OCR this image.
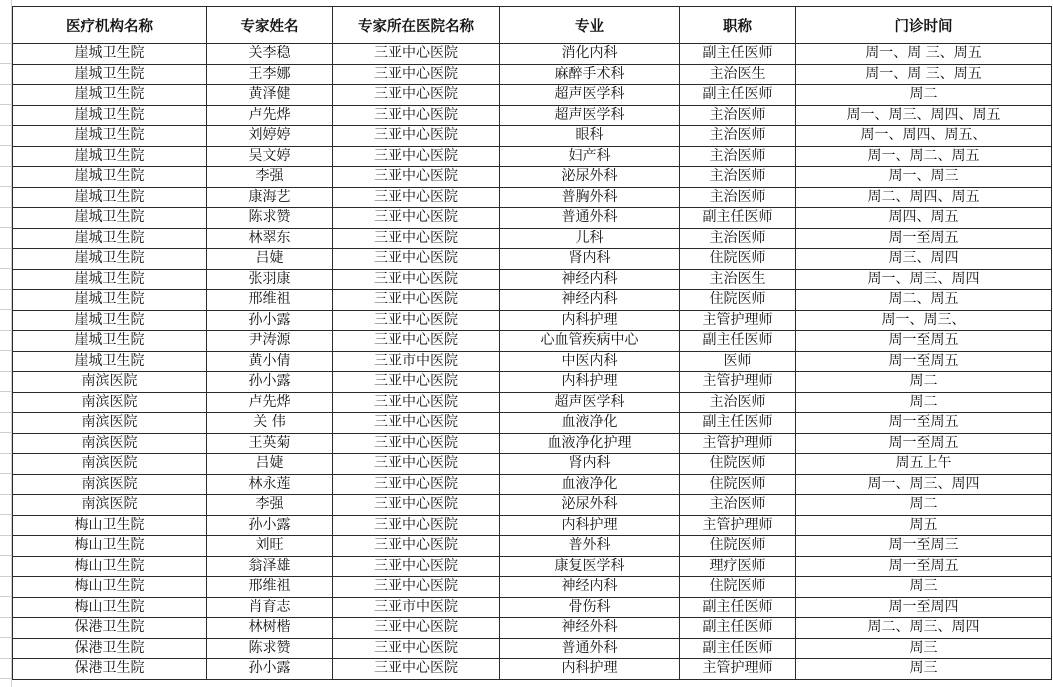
医疗机构名称	专家姓名	专家所在医院名称	专业	职称	门诊时间
崖城卫生院	关李稳	三亚中心医院	消化内科	副主任医师	周一、周 三、周五
崖城卫生院	王李娜	三亚中心医院	麻醉手术科	主治医生	周一、周 三、周五
崖城卫生院	黄泽健	三亚中心医院	超声医学科	副主任医师	周二
崖城卫生院	卢先烨	三亚中心医院	超声医学科	主治医师	周一、周三、周四、周五
崖城卫生院	刘婷婷	三亚中心医院	眼科	主治医师	周一、周四、周五、
崖城卫生院	吴文婷	三亚中心医院	妇产科	主治医师	周一、周二、周五
崖城卫生院	李强	三亚中心医院	泌尿外科	主治医师	周一、周三
崖城卫生院	康海艺	三亚中心医院	普胸外科	主治医师	周二、周四、周五
崖城卫生院	陈求赞	三亚中心医院	普通外科	副主任医师	周四、周五
崖城卫生院	林翠东	三亚中心医院	儿科	主治医师	周一至周五
崖城卫生院	吕婕	三亚中心医院	肾内科	住院医师	周三、周四
崖城卫生院	张羽康	三亚中心医院	神经内科	主治医生	周一、周三、周四
崖城卫生院	邢维祖	三亚中心医院	神经内科	住院医师	周二、周五
崖城卫生院	孙小露	三亚中心医院	内科护理	主管护理师	周一、周三、
崖城卫生院	尹涛源	三亚中心医院	心血管疾病中心	副主任医师	周一至周五
崖城卫生院	黄小倩	三亚市中医院	中医内科	医师	周一至周五
南滨医院	孙小露	三亚中心医院	内科护理	主管护理师	周二
南滨医院	卢先烨	三亚中心医院	超声医学科	主治医师	周二
南滨医院	关 伟	三亚中心医院	血液净化	副主任医师	周一至周五
南滨医院	王英菊	三亚中心医院	血液净化护理	主管护理师	周一至周五
南滨医院	吕婕	三亚中心医院	肾内科	住院医师	周五上午
南滨医院	林永莲	三亚中心医院	血液净化	住院医师	周一、周三、周四
南滨医院	李强	三亚中心医院	泌尿外科	主治医师	周二
梅山卫生院	孙小露	三亚中心医院	内科护理	主管护理师	周五
梅山卫生院	刘旺	三亚中心医院	普外科	住院医师	周一至周三
梅山卫生院	翁泽雄	三亚中心医院	康复医学科	理疗医师	周一至周五
梅山卫生院	邢维祖	三亚中心医院	神经内科	住院医师	周三
梅山卫生院	肖育志	三亚市中医院	骨伤科	副主任医师	周一至周四
保港卫生院	林树楷	三亚中心医院	神经外科	副主任医师	周二、周三、周四
保港卫生院	陈求赞	三亚中心医院	普通外科	副主任医师	周三
保港卫生院	孙小露	三亚中心医院	内科护理	主管护理师	周三
